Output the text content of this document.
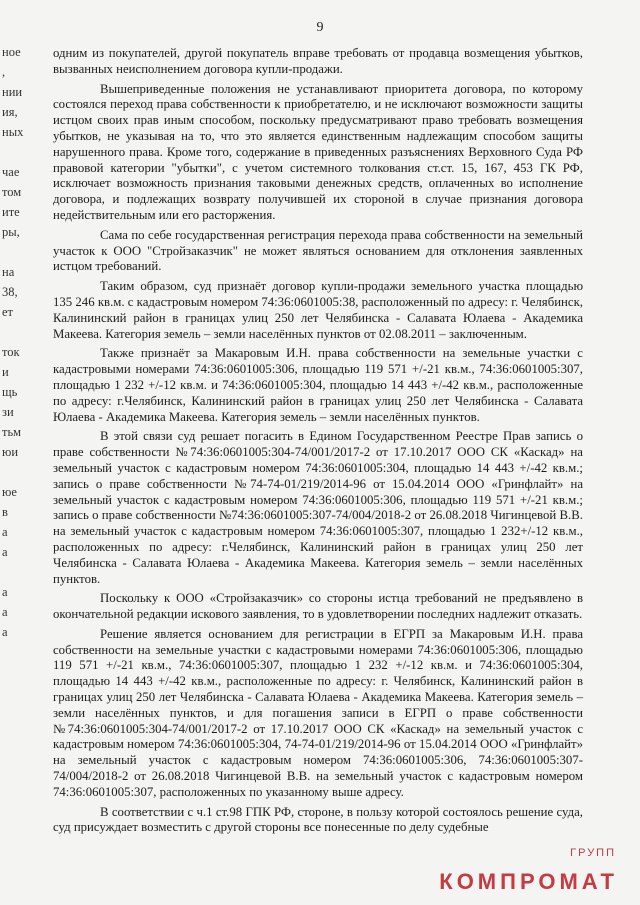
9
ное
,
нии
ия,
ных

чае
том
ите
ры,

на
38,
ет

ток
и
щь
зи
тьм
юи

юе
в
а
а

а
а
а

одним из покупателей, другой покупатель вправе требовать от продавца возмещения убытков, вызванных неисполнением договора купли-продажи.

Вышеприведенные положения не устанавливают приоритета договора, по которому состоялся переход права собственности к приобретателю, и не исключают возможности защиты истцом своих прав иным способом, поскольку предусматривают право требовать возмещения убытков, не указывая на то, что это является единственным надлежащим способом защиты нарушенного права. Кроме того, содержание в приведенных разъяснениях Верховного Суда РФ правовой категории "убытки", с учетом системного толкования ст.ст. 15, 167, 453 ГК РФ, исключает возможность признания таковыми денежных средств, оплаченных во исполнение договора, и подлежащих возврату получившей их стороной в случае признания договора недействительным или его расторжения.

Сама по себе государственная регистрация перехода права собственности на земельный участок к ООО "Стройзаказчик" не может являться основанием для отклонения заявленных истцом требований.

Таким образом, суд признаёт договор купли-продажи земельного участка площадью 135 246 кв.м. с кадастровым номером 74:36:0601005:38, расположенный по адресу: г. Челябинск, Калининский район в границах улиц 250 лет Челябинска - Салавата Юлаева - Академика Макеева. Категория земель – земли населённых пунктов от 02.08.2011 – заключенным.

Также признаёт за Макаровым И.Н. права собственности на земельные участки с кадастровыми номерами 74:36:0601005:306, площадью 119 571 +/-21 кв.м., 74:36:0601005:307, площадью 1 232 +/-12 кв.м. и 74:36:0601005:304, площадью 14 443 +/-42 кв.м., расположенные по адресу: г.Челябинск, Калининский район в границах улиц 250 лет Челябинска - Салавата Юлаева - Академика Макеева. Категория земель – земли населённых пунктов.

В этой связи суд решает погасить в Едином Государственном Реестре Прав запись о праве собственности №74:36:0601005:304-74/001/2017-2 от 17.10.2017 ООО СК «Каскад» на земельный участок с кадастровым номером 74:36:0601005:304, площадью 14 443 +/-42 кв.м.; запись о праве собственности №74-74-01/219/2014-96 от 15.04.2014 ООО «Гринфлайт» на земельный участок с кадастровым номером 74:36:0601005:306, площадью 119 571 +/-21 кв.м.; запись о праве собственности №74:36:0601005:307-74/004/2018-2 от 26.08.2018 Чигинцевой В.В. на земельный участок с кадастровым номером 74:36:0601005:307, площадью 1 232+/-12 кв.м., расположенных по адресу: г.Челябинск, Калининский район в границах улиц 250 лет Челябинска - Салавата Юлаева - Академика Макеева. Категория земель – земли населённых пунктов.

Поскольку к ООО «Стройзаказчик» со стороны истца требований не предъявлено в окончательной редакции искового заявления, то в удовлетворении последних надлежит отказать.

Решение является основанием для регистрации в ЕГРП за Макаровым И.Н. права собственности на земельные участки с кадастровыми номерами 74:36:0601005:306, площадью 119 571 +/-21 кв.м., 74:36:0601005:307, площадью 1 232 +/-12 кв.м. и 74:36:0601005:304, площадью 14 443 +/-42 кв.м., расположенные по адресу: г. Челябинск, Калининский район в границах улиц 250 лет Челябинска - Салавата Юлаева - Академика Макеева. Категория земель – земли населённых пунктов, и для погашения записи в ЕГРП о праве собственности №74:36:0601005:304-74/001/2017-2 от 17.10.2017 ООО СК «Каскад» на земельный участок с кадастровым номером 74:36:0601005:304, 74-74-01/219/2014-96 от 15.04.2014 ООО «Гринфлайт» на земельный участок с кадастровым номером 74:36:0601005:306, 74:36:0601005:307-74/004/2018-2 от 26.08.2018 Чигинцевой В.В. на земельный участок с кадастровым номером 74:36:0601005:307, расположенных по указанному выше адресу.

В соответствии с ч.1 ст.98 ГПК РФ, стороне, в пользу которой состоялось решение суда, суд присуждает возместить с другой стороны все понесенные по делу судебные

ГРУПП
КОМПРОМАТ
